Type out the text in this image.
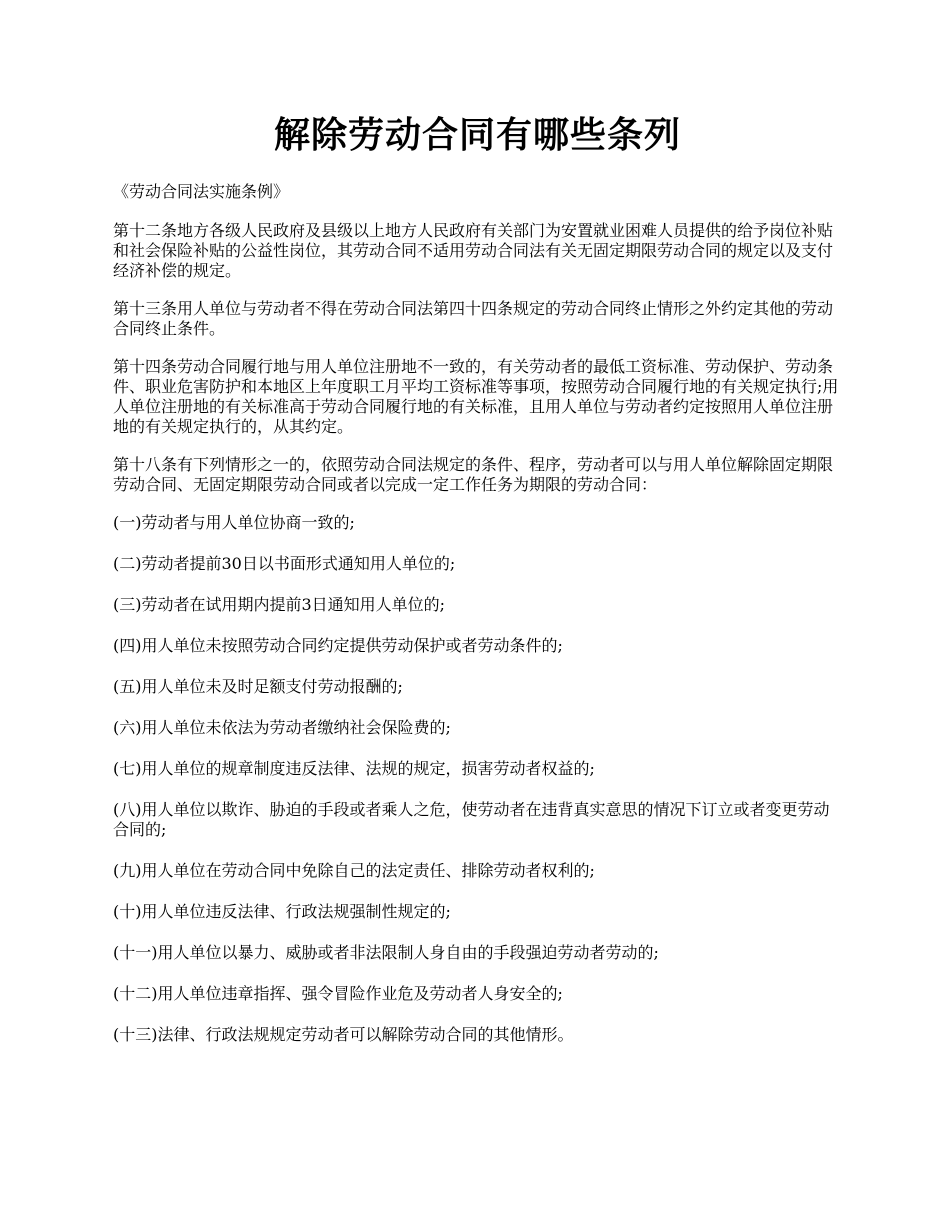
解除劳动合同有哪些条列

《劳动合同法实施条例》

第十二条地方各级人民政府及县级以上地方人民政府有关部门为安置就业困难人员提供的给予岗位补贴和社会保险补贴的公益性岗位，其劳动合同不适用劳动合同法有关无固定期限劳动合同的规定以及支付经济补偿的规定。

第十三条用人单位与劳动者不得在劳动合同法第四十四条规定的劳动合同终止情形之外约定其他的劳动合同终止条件。

第十四条劳动合同履行地与用人单位注册地不一致的，有关劳动者的最低工资标准、劳动保护、劳动条件、职业危害防护和本地区上年度职工月平均工资标准等事项，按照劳动合同履行地的有关规定执行;用人单位注册地的有关标准高于劳动合同履行地的有关标准，且用人单位与劳动者约定按照用人单位注册地的有关规定执行的，从其约定。

第十八条有下列情形之一的，依照劳动合同法规定的条件、程序，劳动者可以与用人单位解除固定期限劳动合同、无固定期限劳动合同或者以完成一定工作任务为期限的劳动合同：

(一)劳动者与用人单位协商一致的;

(二)劳动者提前30日以书面形式通知用人单位的;

(三)劳动者在试用期内提前3日通知用人单位的;

(四)用人单位未按照劳动合同约定提供劳动保护或者劳动条件的;

(五)用人单位未及时足额支付劳动报酬的;

(六)用人单位未依法为劳动者缴纳社会保险费的;

(七)用人单位的规章制度违反法律、法规的规定，损害劳动者权益的;

(八)用人单位以欺诈、胁迫的手段或者乘人之危，使劳动者在违背真实意思的情况下订立或者变更劳动合同的;

(九)用人单位在劳动合同中免除自己的法定责任、排除劳动者权利的;

(十)用人单位违反法律、行政法规强制性规定的;

(十一)用人单位以暴力、威胁或者非法限制人身自由的手段强迫劳动者劳动的;

(十二)用人单位违章指挥、强令冒险作业危及劳动者人身安全的;

(十三)法律、行政法规规定劳动者可以解除劳动合同的其他情形。
